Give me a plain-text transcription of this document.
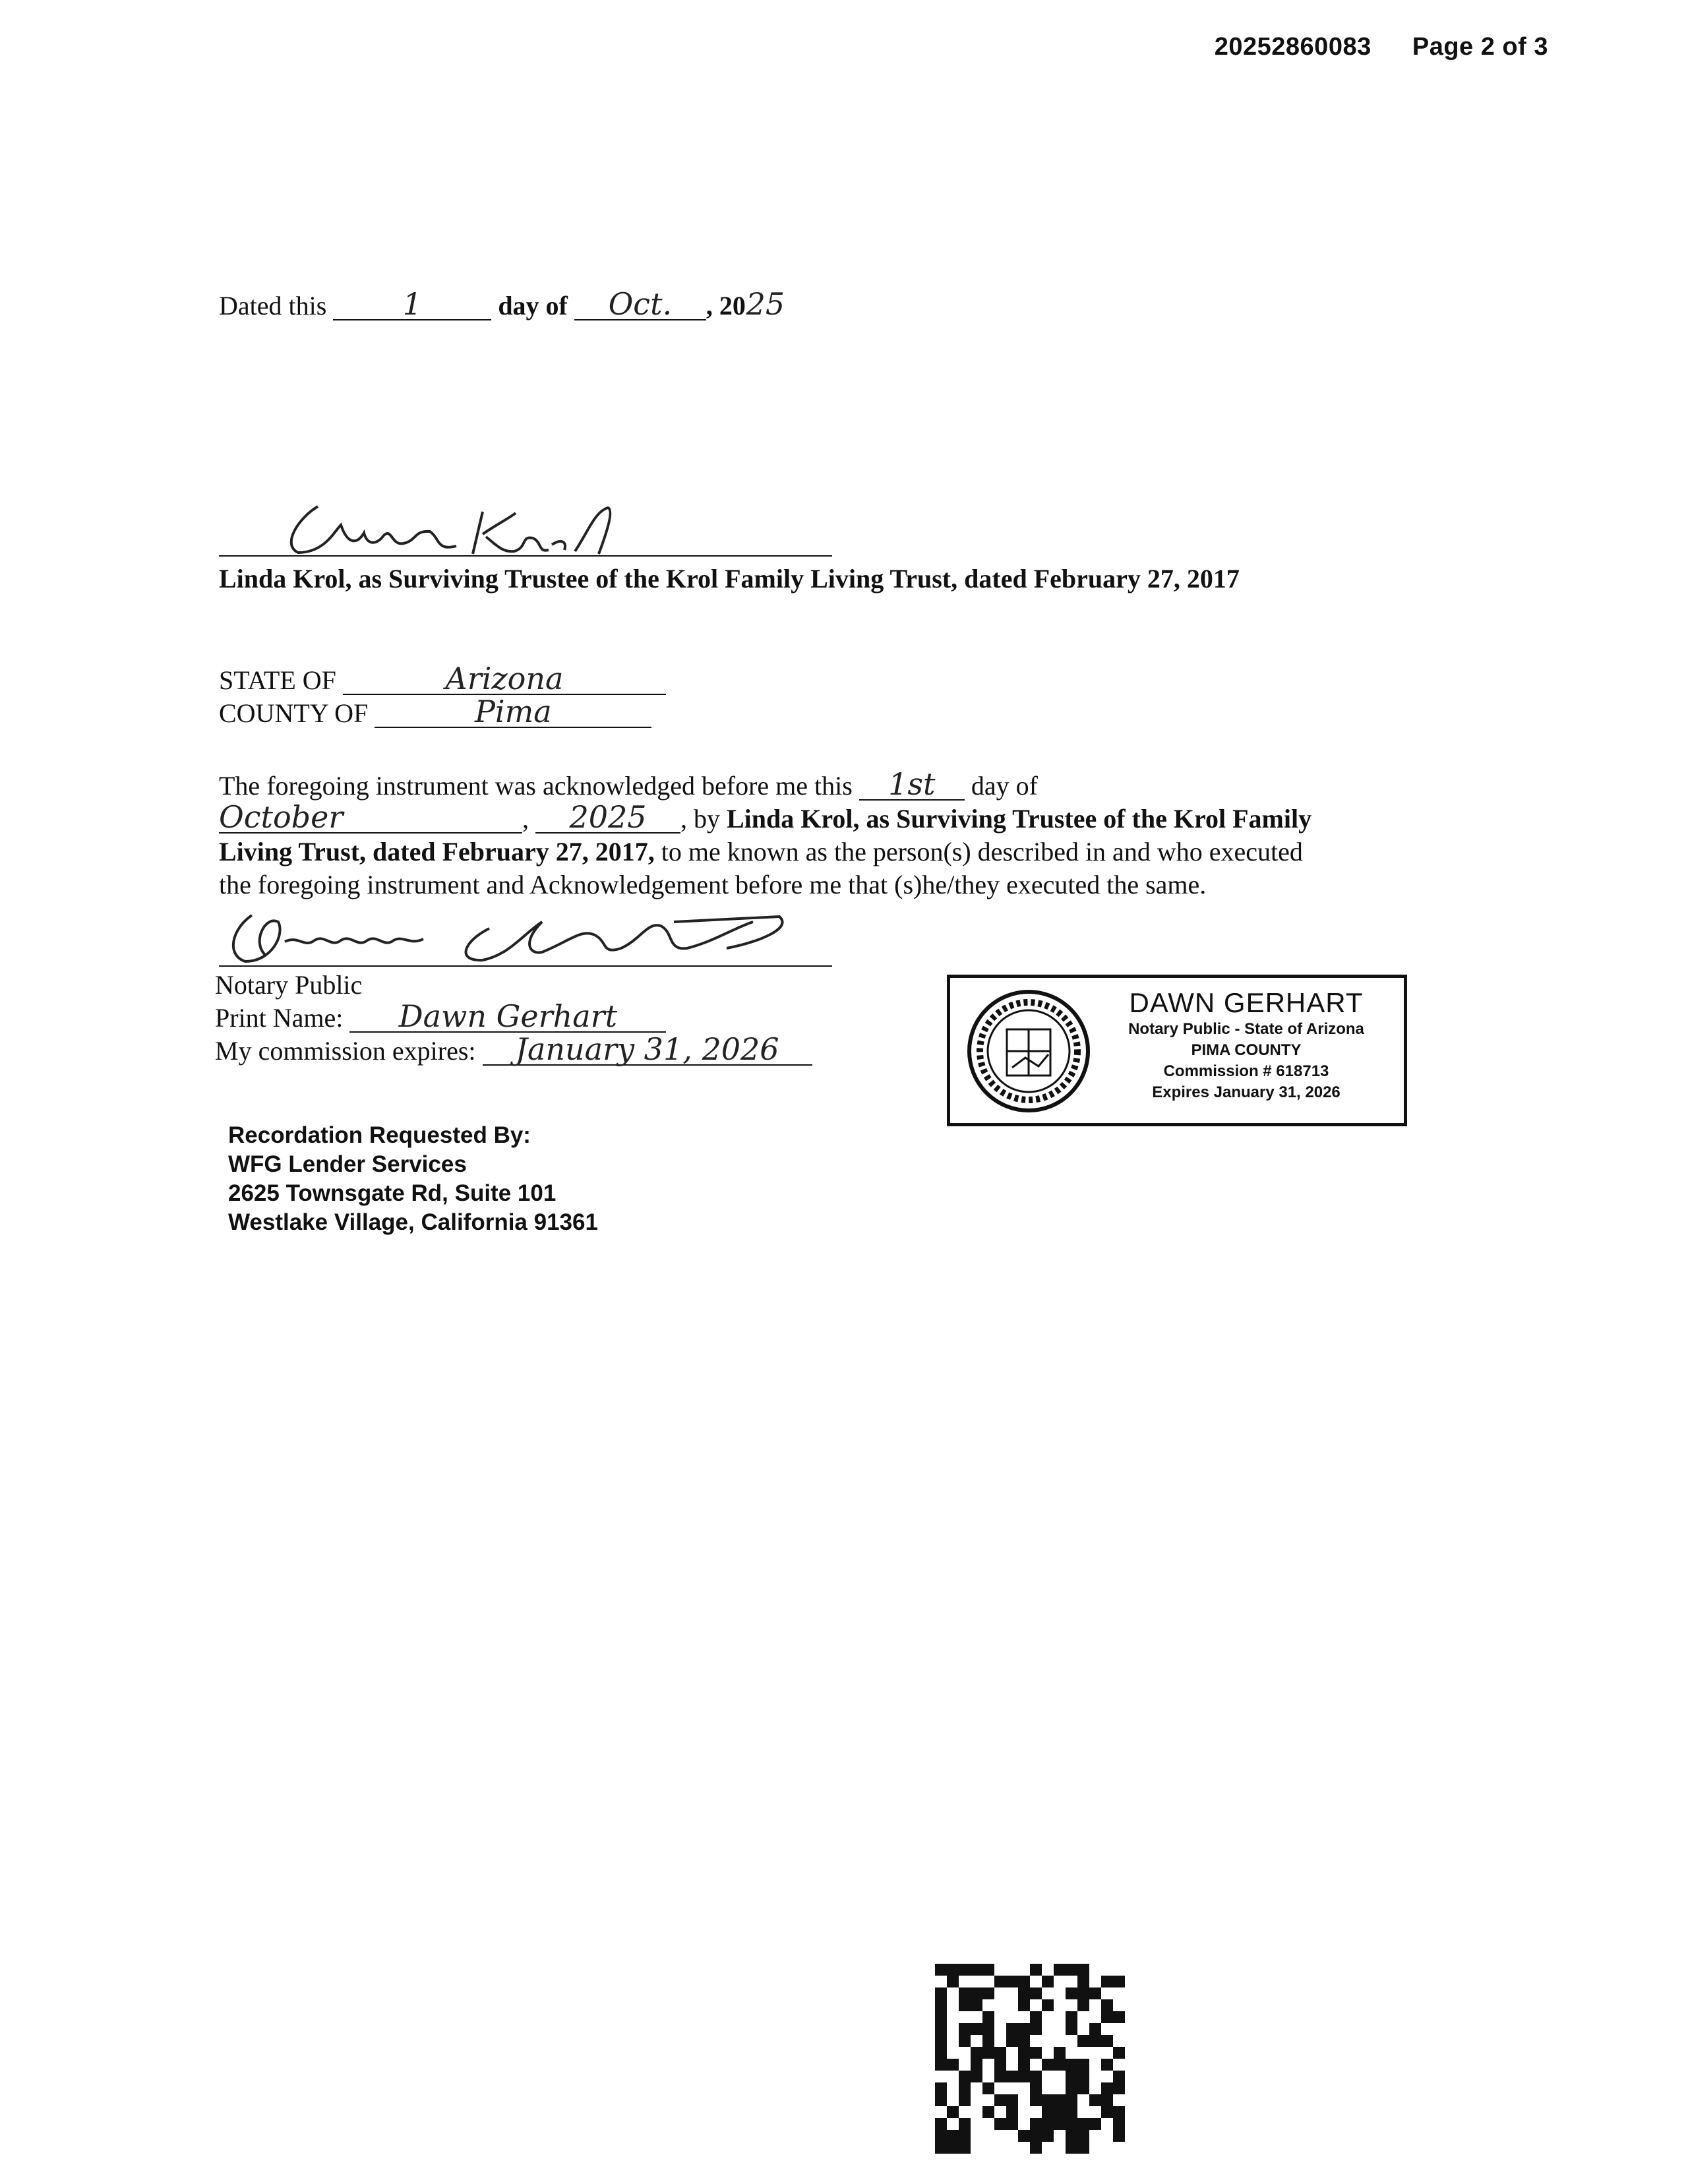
20252860083 Page 2 of 3
Dated this	1	day of Oct. , 2025
Linda Krol, as Surviving Trustee of the Krol Family Living Trust, dated February 27, 2017
STATE OF	Arizona
COUNTY OF	Pima
The foregoing instrument was acknowledged before me this 1st day of
October	, 2025 , by Linda Krol, as Surviving Trustee of the Krol Family
Living Trust, dated February 27, 2017, to me known as the person(s) described in and who executed
the foregoing instrument and Acknowledgement before me that (s)he/they executed the same.
Notary Public
Print Name: Dawn Gerhart
My commission expires: January 31, 2026
DAWN GERHART
Notary Public - State of Arizona
PIMA COUNTY
Commission # 618713
Expires January 31, 2026
Recordation Requested By:
WFG Lender Services
2625 Townsgate Rd, Suite 101
Westlake Village, California 91361
